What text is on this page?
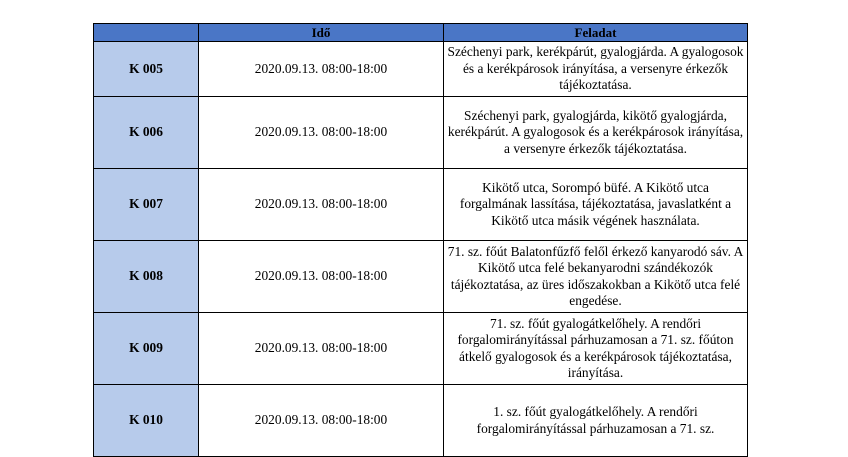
	Idő	Feladat
K 005	2020.09.13. 08:00-18:00	Széchenyi park, kerékpárút, gyalogjárda. A gyalogosok és a kerékpárosok irányítása, a versenyre érkezők tájékoztatása.
K 006	2020.09.13. 08:00-18:00	Széchenyi park, gyalogjárda, kikötő gyalogjárda, kerékpárút. A gyalogosok és a kerékpárosok irányítása, a versenyre érkezők tájékoztatása.
K 007	2020.09.13. 08:00-18:00	Kikötő utca, Sorompó büfé. A Kikötő utca forgalmának lassítása, tájékoztatása, javaslatként a Kikötő utca másik végének használata.
K 008	2020.09.13. 08:00-18:00	71. sz. főút Balatonfűzfő felől érkező kanyarodó sáv. A Kikötő utca felé bekanyarodni szándékozók tájékoztatása, az üres időszakokban a Kikötő utca felé engedése.
K 009	2020.09.13. 08:00-18:00	71. sz. főút gyalogátkelőhely. A rendőri forgalomirányítással párhuzamosan a 71. sz. főúton átkelő gyalogosok és a kerékpárosok tájékoztatása, irányítása.
K 010	2020.09.13. 08:00-18:00	1. sz. főút gyalogátkelőhely. A rendőri forgalomirányítással párhuzamosan a 71. sz.
